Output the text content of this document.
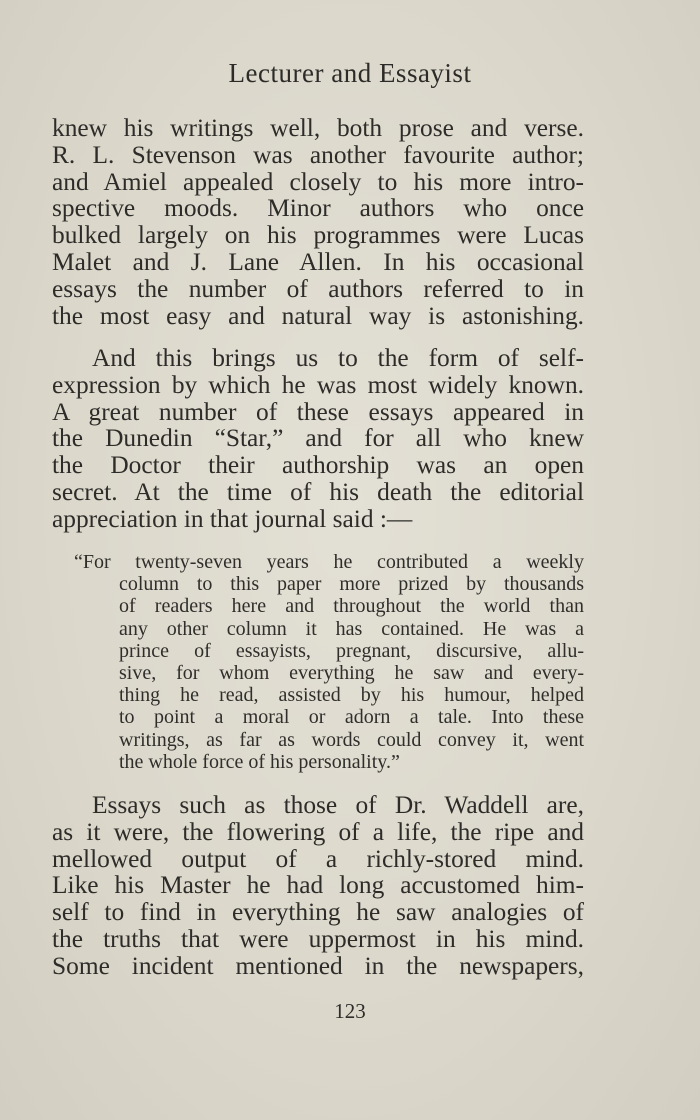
Lecturer and Essayist
knew his writings well, both prose and verse.
R. L. Stevenson was another favourite author;
and Amiel appealed closely to his more intro-
spective moods. Minor authors who once
bulked largely on his programmes were Lucas
Malet and J. Lane Allen. In his occasional
essays the number of authors referred to in
the most easy and natural way is astonishing.
And this brings us to the form of self-
expression by which he was most widely known.
A great number of these essays appeared in
the Dunedin “Star,” and for all who knew
the Doctor their authorship was an open
secret. At the time of his death the editorial
appreciation in that journal said :—
“For twenty-seven years he contributed a weekly
column to this paper more prized by thousands
of readers here and throughout the world than
any other column it has contained. He was a
prince of essayists, pregnant, discursive, allu-
sive, for whom everything he saw and every-
thing he read, assisted by his humour, helped
to point a moral or adorn a tale. Into these
writings, as far as words could convey it, went
the whole force of his personality.”
Essays such as those of Dr. Waddell are,
as it were, the flowering of a life, the ripe and
mellowed output of a richly-stored mind.
Like his Master he had long accustomed him-
self to find in everything he saw analogies of
the truths that were uppermost in his mind.
Some incident mentioned in the newspapers,
123
